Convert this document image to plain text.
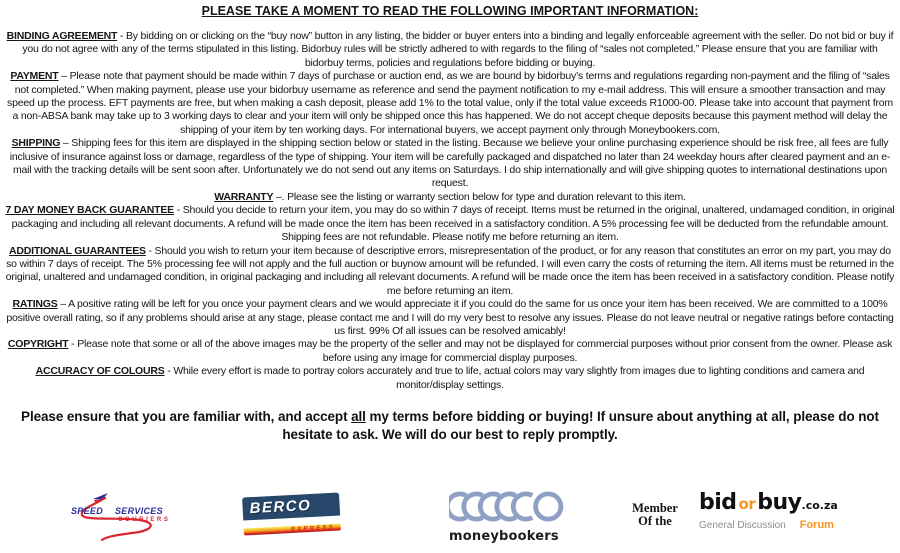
PLEASE TAKE A MOMENT TO READ THE FOLLOWING IMPORTANT INFORMATION:

BINDING AGREEMENT - By bidding on or clicking on the “buy now” button in any listing, the bidder or buyer enters into a binding and legally enforceable agreement with the seller. Do not bid or buy if you do not agree with any of the terms stipulated in this listing. Bidorbuy rules will be strictly adhered to with regards to the filing of “sales not completed.” Please ensure that you are familiar with bidorbuy terms, policies and regulations before bidding or buying.

PAYMENT – Please note that payment should be made within 7 days of purchase or auction end, as we are bound by bidorbuy’s terms and regulations regarding non-payment and the filing of “sales not completed.” When making payment, please use your bidorbuy username as reference and send the payment notification to my e-mail address. This will ensure a smoother transaction and may speed up the process. EFT payments are free, but when making a cash deposit, please add 1% to the total value, only if the total value exceeds R1000-00. Please take into account that payment from a non-ABSA bank may take up to 3 working days to clear and your item will only be shipped once this has happened. We do not accept cheque deposits because this payment method will delay the shipping of your item by ten working days. For international buyers, we accept payment only through Moneybookers.com.

SHIPPING – Shipping fees for this item are displayed in the shipping section below or stated in the listing. Because we believe your online purchasing experience should be risk free, all fees are fully inclusive of insurance against loss or damage, regardless of the type of shipping. Your item will be carefully packaged and dispatched no later than 24 weekday hours after cleared payment and an e-mail with the tracking details will be sent soon after. Unfortunately we do not send out any items on Saturdays. I do ship internationally and will give shipping quotes to international destinations upon request.

WARRANTY –. Please see the listing or warranty section below for type and duration relevant to this item.

7 DAY MONEY BACK GUARANTEE - Should you decide to return your item, you may do so within 7 days of receipt. Items must be returned in the original, unaltered, undamaged condition, in original packaging and including all relevant documents. A refund will be made once the item has been received in a satisfactory condition. A 5% processing fee will be deducted from the refundable amount. Shipping fees are not refundable. Please notify me before returning an item.

ADDITIONAL GUARANTEES - Should you wish to return your item because of descriptive errors, misrepresentation of the product, or for any reason that constitutes an error on my part, you may do so within 7 days of receipt. The 5% processing fee will not apply and the full auction or buynow amount will be refunded. I will even carry the costs of returning the item. All items must be returned in the original, unaltered and undamaged condition, in original packaging and including all relevant documents. A refund will be made once the item has been received in a satisfactory condition. Please notify me before returning an item.

RATINGS – A positive rating will be left for you once your payment clears and we would appreciate it if you could do the same for us once your item has been received. We are committed to a 100% positive overall rating, so if any problems should arise at any stage, please contact me and I will do my very best to resolve any issues. Please do not leave neutral or negative ratings before contacting us first. 99% Of all issues can be resolved amicably!

COPYRIGHT - Please note that some or all of the above images may be the property of the seller and may not be displayed for commercial purposes without prior consent from the owner. Please ask before using any image for commercial display purposes.

ACCURACY OF COLOURS - While every effort is made to portray colors accurately and true to life, actual colors may vary slightly from images due to lighting conditions and camera and monitor/display settings.

Please ensure that you are familiar with, and accept all my terms before bidding or buying! If unsure about anything at all, please do not hesitate to ask. We will do our best to reply promptly.

SPEED SERVICES
COURIERS
BERCO
EXPRESS
moneybookers
Member
Of the
bid orbuy.co.za
General Discussion Forum
